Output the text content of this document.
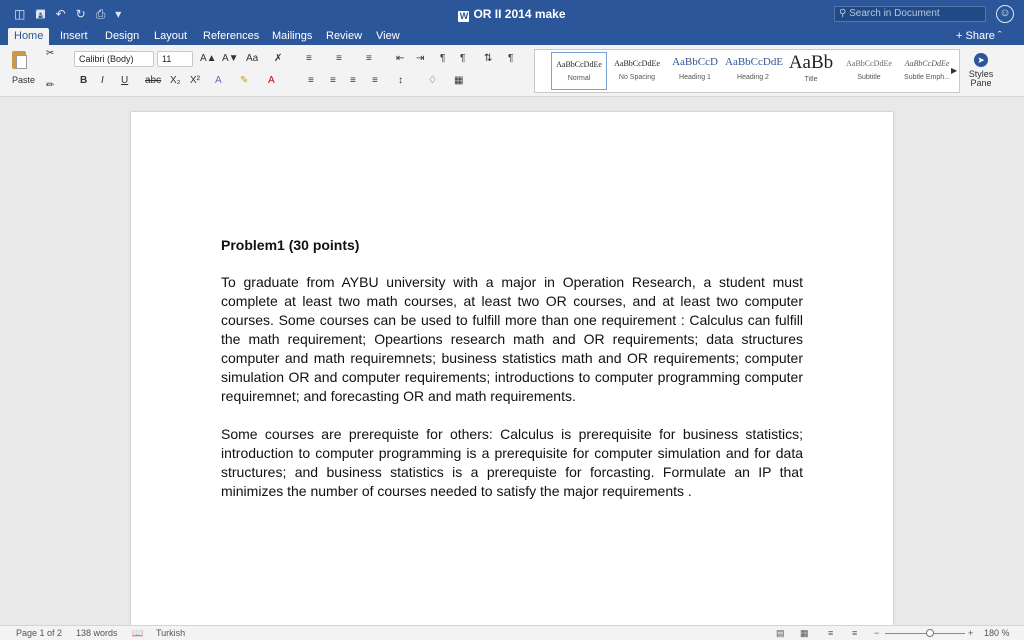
◫ 🖪 ↶ ↻ ⎙ ▾	W OR II 2014 make	⚲ Search in Document	☺
Home	Insert	Design	Layout	References	Mailings	Review	View	+ Share ˆ
Paste
✂
✏
Calibri (Body)	11	A▲ A▼ Aa ✗
B I U abc X₂ X² A ✎ A
≡ ≡ ≡ ⇤ ⇥ ¶ ¶ ⇅ ¶
≡ ≡ ≡ ≡ ↕	♢ ▦
AaBbCcDdEe
Normal
AaBbCcDdEe
No Spacing
AaBbCcD
Heading 1
AaBbCcDdE
Heading 2
AaBb
Title
AaBbCcDdEe
Subtitle
AaBbCcDdEe
Subtle Emph...
▶
➤
Styles
Pane
Problem1 (30 points)
To graduate from AYBU university with a major in Operation Research, a student must complete at least two math courses, at least two OR courses, and at least two computer courses. Some courses can be used to fulfill more than one requirement : Calculus can fulfill the math requirement; Opeartions research math and OR requirements; data structures computer and math requiremnets; business statistics math and OR requirements; computer simulation OR and computer requirements; introductions to computer programming computer requiremnet; and forecasting OR and math requirements.
Some courses are prerequiste for others: Calculus is prerequisite for business statistics; introduction to computer programming is a prerequisite for computer simulation and for data structures; and business statistics is a prerequiste for forcasting. Formulate an IP that minimizes the number of courses needed to satisfy the major requirements .
Page 1 of 2 138 words 📖 Turkish	▤ ▦ ≡ ≡ −	+ 180 %
